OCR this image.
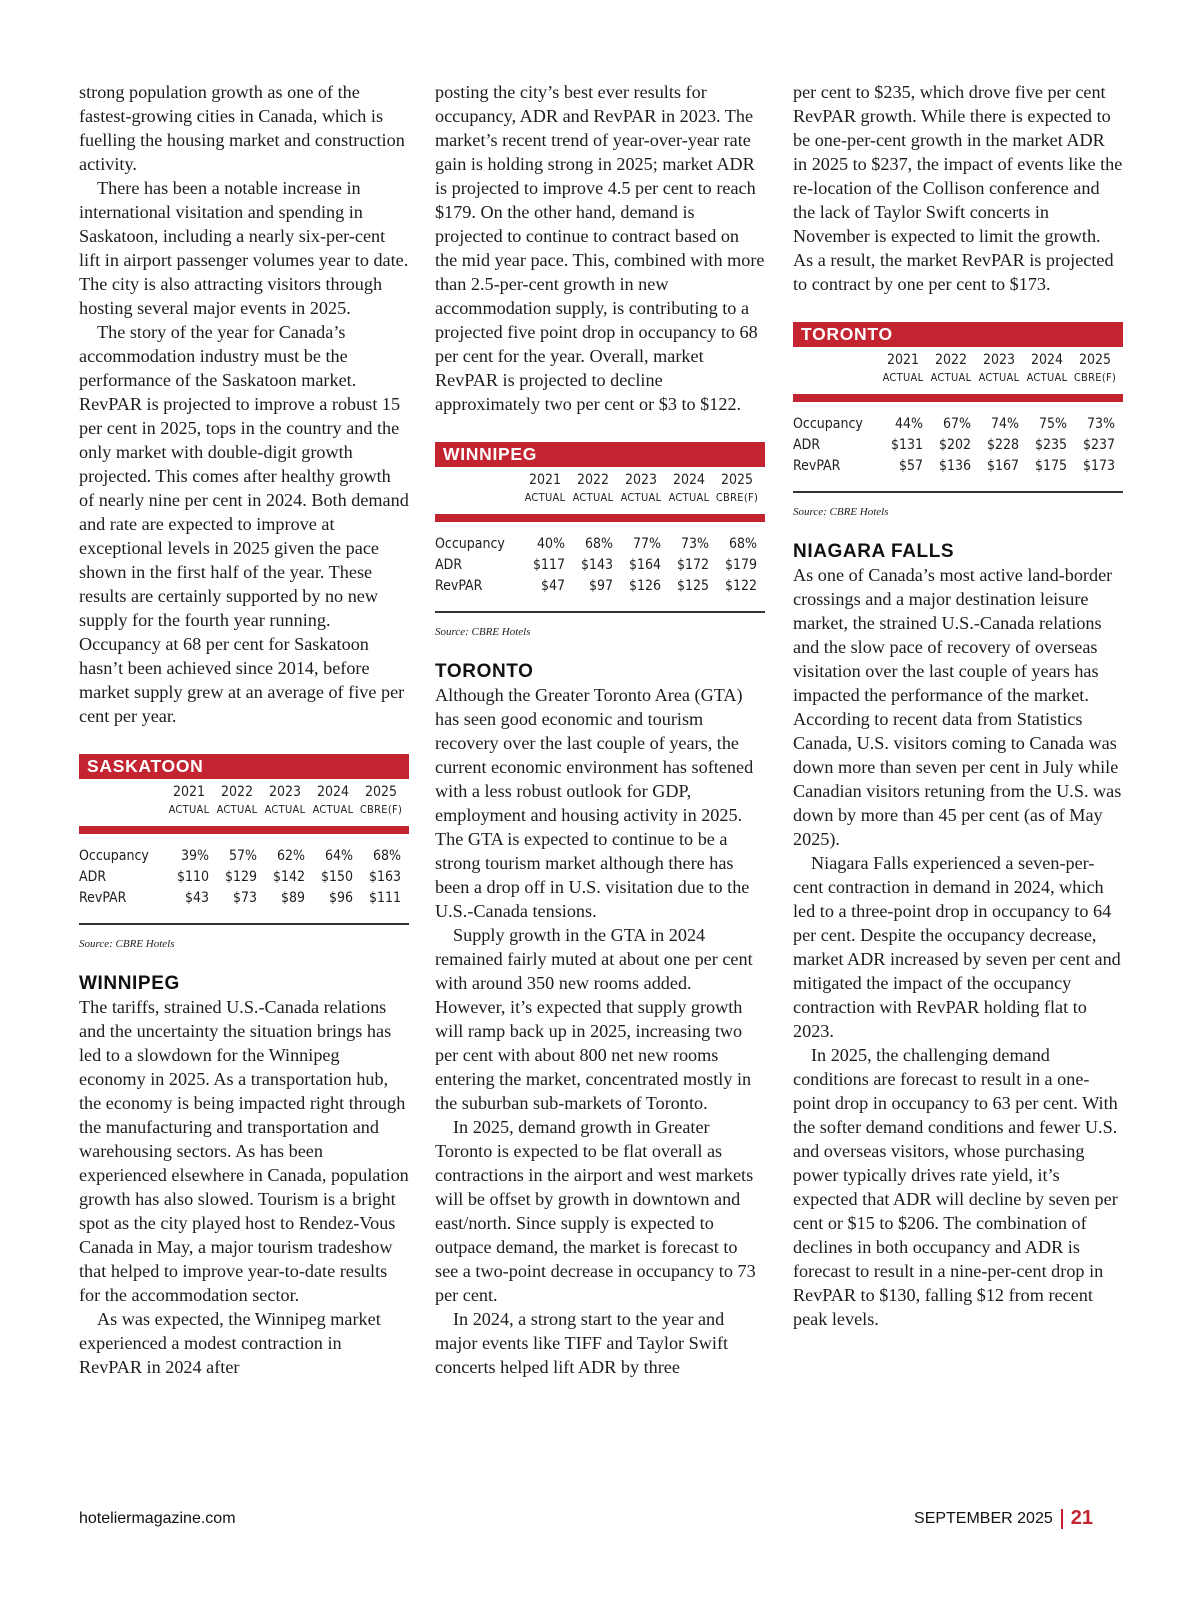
strong population growth as one of the fastest-growing cities in Canada, which is fuelling the housing market and construction activity.

There has been a notable increase in international visitation and spending in Saskatoon, including a nearly six-per-cent lift in airport passenger volumes year to date. The city is also attracting visitors through hosting several major events in 2025.

The story of the year for Canada’s accommodation industry must be the performance of the Saskatoon market. RevPAR is projected to improve a robust 15 per cent in 2025, tops in the country and the only market with double-digit growth projected. This comes after healthy growth of nearly nine per cent in 2024. Both demand and rate are expected to improve at exceptional levels in 2025 given the pace shown in the first half of the year. These results are certainly supported by no new supply for the fourth year running. Occupancy at 68 per cent for Saskatoon hasn’t been achieved since 2014, before market supply grew at an average of five per cent per year.

SASKATOON
2021	2022	2023	2024	2025
ACTUAL ACTUAL ACTUAL ACTUAL CBRE(F)
Occupancy	39%	57%	62%	64%	68%
ADR	$110	$129	$142	$150	$163
RevPAR	$43	$73	$89	$96	$111
Source: CBRE Hotels
WINNIPEG

The tariffs, strained U.S.-Canada relations and the uncertainty the situation brings has led to a slowdown for the Winnipeg economy in 2025. As a transportation hub, the economy is being impacted right through the manufacturing and transportation and warehousing sectors. As has been experienced elsewhere in Canada, population growth has also slowed. Tourism is a bright spot as the city played host to Rendez-Vous Canada in May, a major tourism tradeshow that helped to improve year-to-date results for the accommodation sector.

As was expected, the Winnipeg market experienced a modest contraction in RevPAR in 2024 after

posting the city’s best ever results for occupancy, ADR and RevPAR in 2023. The market’s recent trend of year-over-year rate gain is holding strong in 2025; market ADR is projected to improve 4.5 per cent to reach $179. On the other hand, demand is projected to continue to contract based on the mid year pace. This, combined with more than 2.5-per-cent growth in new accommodation supply, is contributing to a projected five point drop in occupancy to 68 per cent for the year. Overall, market RevPAR is projected to decline approximately two per cent or $3 to $122.

WINNIPEG
2021	2022	2023	2024	2025
ACTUAL ACTUAL ACTUAL ACTUAL CBRE(F)
Occupancy	40%	68%	77%	73%	68%
ADR	$117	$143	$164	$172	$179
RevPAR	$47	$97	$126	$125	$122
Source: CBRE Hotels
TORONTO

Although the Greater Toronto Area (GTA) has seen good economic and tourism recovery over the last couple of years, the current economic environment has softened with a less robust outlook for GDP, employment and housing activity in 2025. The GTA is expected to continue to be a strong tourism market although there has been a drop off in U.S. visitation due to the U.S.-Canada tensions.

Supply growth in the GTA in 2024 remained fairly muted at about one per cent with around 350 new rooms added. However, it’s expected that supply growth will ramp back up in 2025, increasing two per cent with about 800 net new rooms entering the market, concentrated mostly in the suburban sub-markets of Toronto.

In 2025, demand growth in Greater Toronto is expected to be flat overall as contractions in the airport and west markets will be offset by growth in downtown and east/north. Since supply is expected to outpace demand, the market is forecast to see a two-point decrease in occupancy to 73 per cent.

In 2024, a strong start to the year and major events like TIFF and Taylor Swift concerts helped lift ADR by three

per cent to $235, which drove five per cent RevPAR growth. While there is expected to be one-per-cent growth in the market ADR in 2025 to $237, the impact of events like the re-location of the Collison conference and the lack of Taylor Swift concerts in November is expected to limit the growth. As a result, the market RevPAR is projected to contract by one per cent to $173.

TORONTO
2021	2022	2023	2024	2025
ACTUAL ACTUAL ACTUAL ACTUAL CBRE(F)
Occupancy	44%	67%	74%	75%	73%
ADR	$131	$202	$228	$235	$237
RevPAR	$57	$136	$167	$175	$173
Source: CBRE Hotels
NIAGARA FALLS

As one of Canada’s most active land-border crossings and a major destination leisure market, the strained U.S.-Canada relations and the slow pace of recovery of overseas visitation over the last couple of years has impacted the performance of the market. According to recent data from Statistics Canada, U.S. visitors coming to Canada was down more than seven per cent in July while Canadian visitors retuning from the U.S. was down by more than 45 per cent (as of May 2025).

Niagara Falls experienced a seven-per-cent contraction in demand in 2024, which led to a three-point drop in occupancy to 64 per cent. Despite the occupancy decrease, market ADR increased by seven per cent and mitigated the impact of the occupancy contraction with RevPAR holding flat to 2023.

In 2025, the challenging demand conditions are forecast to result in a one-point drop in occupancy to 63 per cent. With the softer demand conditions and fewer U.S. and overseas visitors, whose purchasing power typically drives rate yield, it’s expected that ADR will decline by seven per cent or $15 to $206. The combination of declines in both occupancy and ADR is forecast to result in a nine-per-cent drop in RevPAR to $130, falling $12 from recent peak levels.

hoteliermagazine.com	SEPTEMBER 2025 21
